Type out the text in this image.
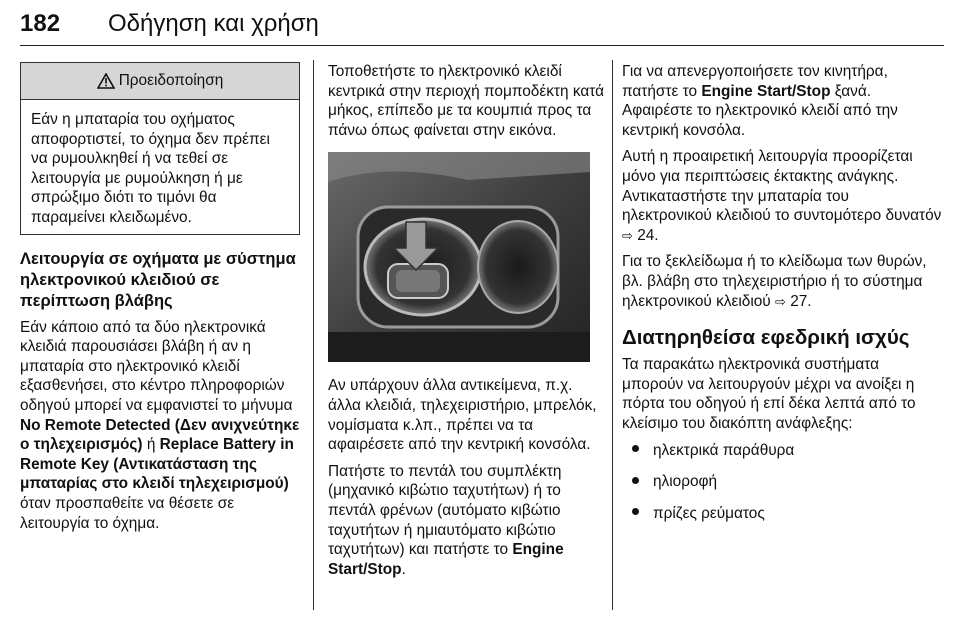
182 Οδήγηση και χρήση
Προειδοποίηση

Εάν η μπαταρία του οχήματος αποφορτιστεί, το όχημα δεν πρέπει να ρυμουλκηθεί ή να τεθεί σε λειτουργία με ρυμούλκηση ή με σπρώξιμο διότι το τιμόνι θα παραμείνει κλειδωμένο.

Λειτουργία σε οχήματα με σύστημα ηλεκτρονικού κλειδιού σε περίπτωση βλάβης

Εάν κάποιο από τα δύο ηλεκτρονικά κλειδιά παρουσιάσει βλάβη ή αν η μπαταρία στο ηλεκτρονικό κλειδί εξασθενήσει, στο κέντρο πληροφοριών οδηγού μπορεί να εμφανιστεί το μήνυμα No Remote Detected (Δεν ανιχνεύτηκε ο τηλεχειρισμός) ή Replace Battery in Remote Key (Αντικατάσταση της μπαταρίας στο κλειδί τηλεχειρισμού) όταν προσπαθείτε να θέσετε σε λειτουργία το όχημα.

Τοποθετήστε το ηλεκτρονικό κλειδί κεντρικά στην περιοχή πομποδέκτη κατά μήκος, επίπεδο με τα κουμπιά προς τα πάνω όπως φαίνεται στην εικόνα.

Αν υπάρχουν άλλα αντικείμενα, π.χ. άλλα κλειδιά, τηλεχειριστήριο, μπρελόκ, νομίσματα κ.λπ., πρέπει να τα αφαιρέσετε από την κεντρική κονσόλα.

Πατήστε το πεντάλ του συμπλέκτη (μηχανικό κιβώτιο ταχυτήτων) ή το πεντάλ φρένων (αυτόματο κιβώτιο ταχυτήτων ή ημιαυτόματο κιβώτιο ταχυτήτων) και πατήστε το Engine Start/Stop.

Για να απενεργοποιήσετε τον κινητήρα, πατήστε το Engine Start/Stop ξανά. Αφαιρέστε το ηλεκτρονικό κλειδί από την κεντρική κονσόλα.

Αυτή η προαιρετική λειτουργία προορίζεται μόνο για περιπτώσεις έκτακτης ανάγκης. Αντικαταστήστε την μπαταρία του ηλεκτρονικού κλειδιού το συντομότερο δυνατόν ⇨ 24.

Για το ξεκλείδωμα ή το κλείδωμα των θυρών, βλ. βλάβη στο τηλεχειριστήριο ή το σύστημα ηλεκτρονικού κλειδιού ⇨ 27.

Διατηρηθείσα εφεδρική ισχύς

Τα παρακάτω ηλεκτρονικά συστήματα μπορούν να λειτουργούν μέχρι να ανοίξει η πόρτα του οδηγού ή επί δέκα λεπτά από το κλείσιμο του διακόπτη ανάφλεξης:

ηλεκτρικά παράθυρα
ηλιοροφή
πρίζες ρεύματος
